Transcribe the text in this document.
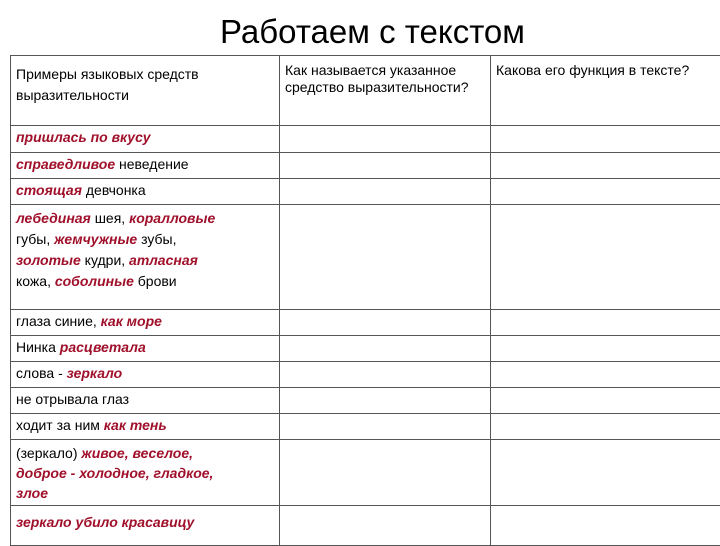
Работаем с текстом
Примеры языковых средств выразительности	Как называется указанное средство выразительности?	Какова его функция в тексте?
пришлась по вкусу		
справедливое неведение		
стоящая девчонка		

лебединая шея, коралловые
губы, жемчужные зубы,
золотые кудри, атласная
кожа, соболиные брови		

глаза синие, как море		
Нинка расцветала		
слова - зеркало		
не отрывала глаз		
ходит за ним как тень		

(зеркало) живое, веселое,
доброе - холодное, гладкое,
злое		

зеркало убило красавицу		
